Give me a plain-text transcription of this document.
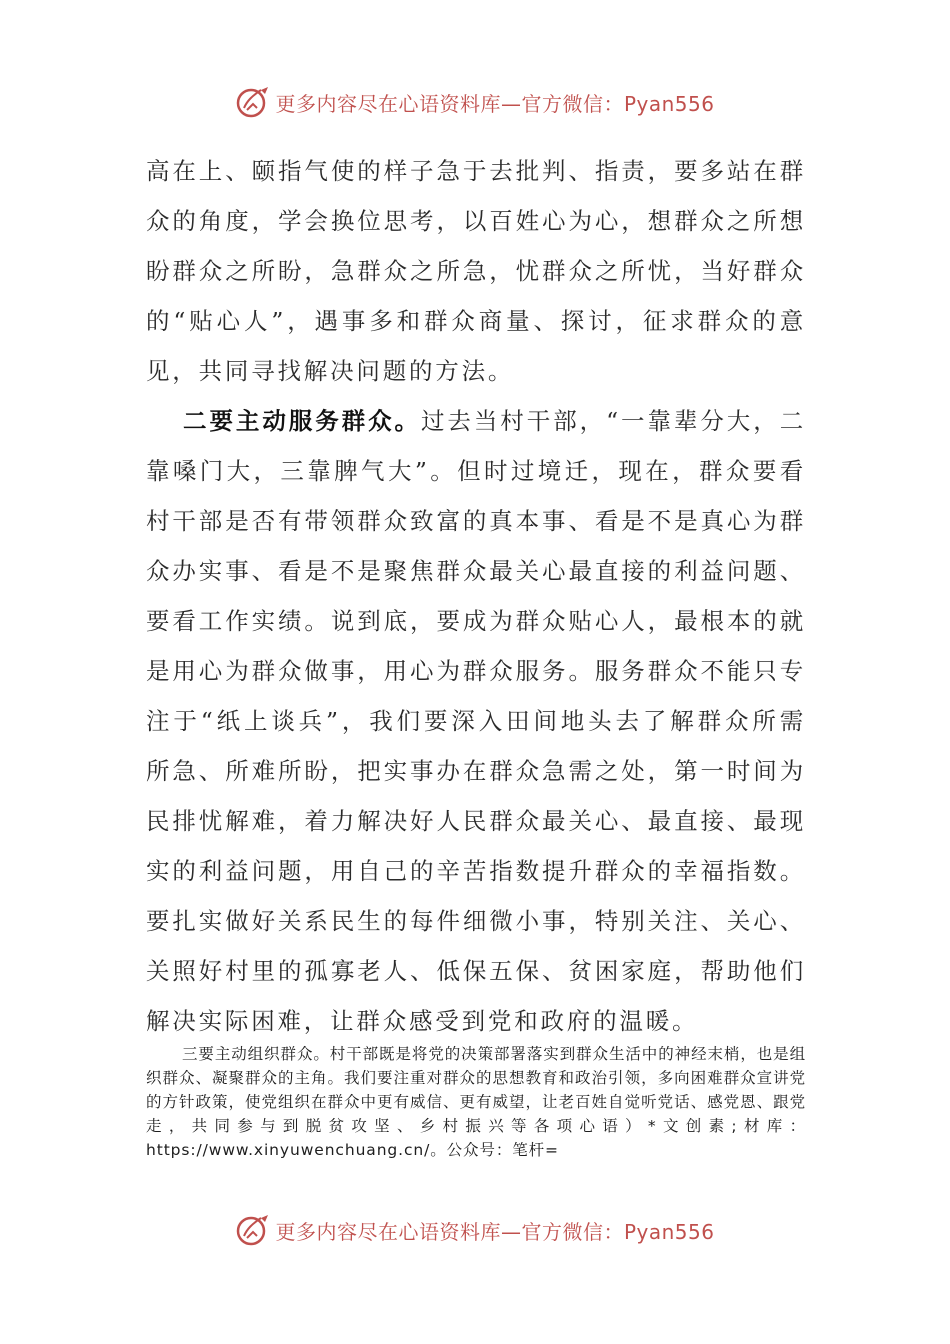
更多内容尽在心语资料库—官方微信：Pyan556

高在上、颐指气使的样子急于去批判、指责，要多站在群众的角度，学会换位思考，以百姓心为心，想群众之所想盼群众之所盼，急群众之所急，忧群众之所忧，当好群众的“贴心人”，遇事多和群众商量、探讨，征求群众的意见，共同寻找解决问题的方法。

二要主动服务群众。过去当村干部，“一靠辈分大，二靠嗓门大，三靠脾气大”。但时过境迁，现在，群众要看村干部是否有带领群众致富的真本事、看是不是真心为群众办实事、看是不是聚焦群众最关心最直接的利益问题、要看工作实绩。说到底，要成为群众贴心人，最根本的就是用心为群众做事，用心为群众服务。服务群众不能只专注于“纸上谈兵”，我们要深入田间地头去了解群众所需所急、所难所盼，把实事办在群众急需之处，第一时间为民排忧解难，着力解决好人民群众最关心、最直接、最现实的利益问题，用自己的辛苦指数提升群众的幸福指数。要扎实做好关系民生的每件细微小事，特别关注、关心、关照好村里的孤寡老人、低保五保、贫困家庭，帮助他们解决实际困难，让群众感受到党和政府的温暖。

三要主动组织群众。村干部既是将党的决策部署落实到群众生活中的神经末梢，也是组织群众、凝聚群众的主角。我们要注重对群众的思想教育和政治引领，多向困难群众宣讲党的方针政策，使党组织在群众中更有威信、更有威望，让老百姓自觉听党话、感党恩、跟党走，共同参与到脱贫攻坚、乡村振兴等各项心语）*文创素;材库：https://www.xinyuwenchuang.cn/。公众号：笔杆=

更多内容尽在心语资料库—官方微信：Pyan556
